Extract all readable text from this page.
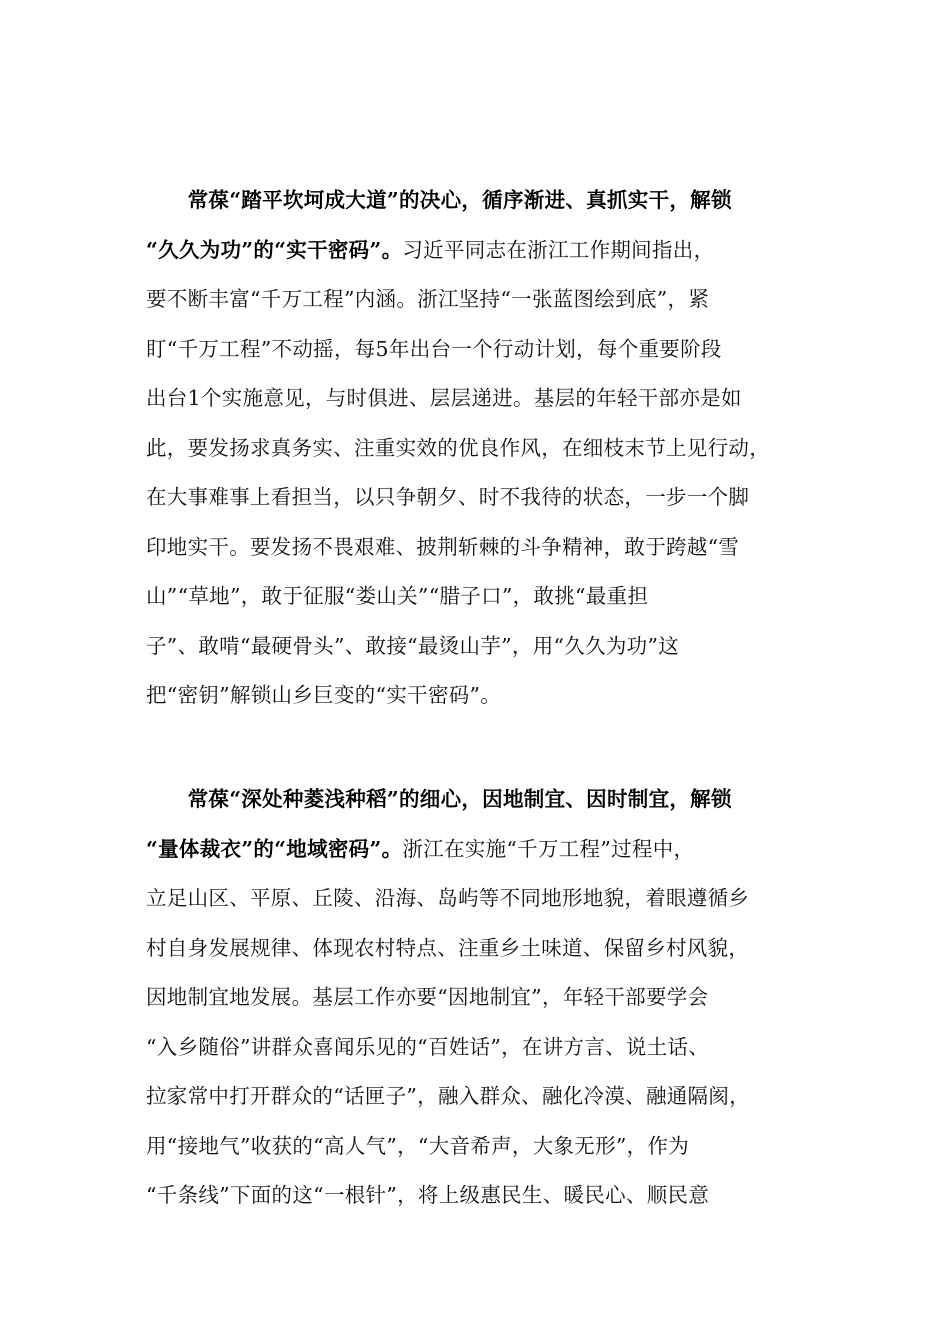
　　常葆“踏平坎坷成大道”的决心，循序渐进、真抓实干，解锁
“久久为功”的“实干密码”。习近平同志在浙江工作期间指出，
要不断丰富“千万工程”内涵。浙江坚持“一张蓝图绘到底”，紧
盯“千万工程”不动摇，每5年出台一个行动计划，每个重要阶段
出台1个实施意见，与时俱进、层层递进。基层的年轻干部亦是如
此，要发扬求真务实、注重实效的优良作风，在细枝末节上见行动，
在大事难事上看担当，以只争朝夕、时不我待的状态，一步一个脚
印地实干。要发扬不畏艰难、披荆斩棘的斗争精神，敢于跨越“雪
山”“草地”，敢于征服“娄山关”“腊子口”，敢挑“最重担
子”、敢啃“最硬骨头”、敢接“最烫山芋”，用“久久为功”这
把“密钥”解锁山乡巨变的“实干密码”。
　　常葆“深处种菱浅种稻”的细心，因地制宜、因时制宜，解锁
“量体裁衣”的“地域密码”。浙江在实施“千万工程”过程中，
立足山区、平原、丘陵、沿海、岛屿等不同地形地貌，着眼遵循乡
村自身发展规律、体现农村特点、注重乡土味道、保留乡村风貌，
因地制宜地发展。基层工作亦要“因地制宜”，年轻干部要学会
“入乡随俗”讲群众喜闻乐见的“百姓话”，在讲方言、说土话、
拉家常中打开群众的“话匣子”，融入群众、融化冷漠、融通隔阂，
用“接地气”收获的“高人气”，“大音希声，大象无形”，作为
“千条线”下面的这“一根针”，将上级惠民生、暖民心、顺民意
